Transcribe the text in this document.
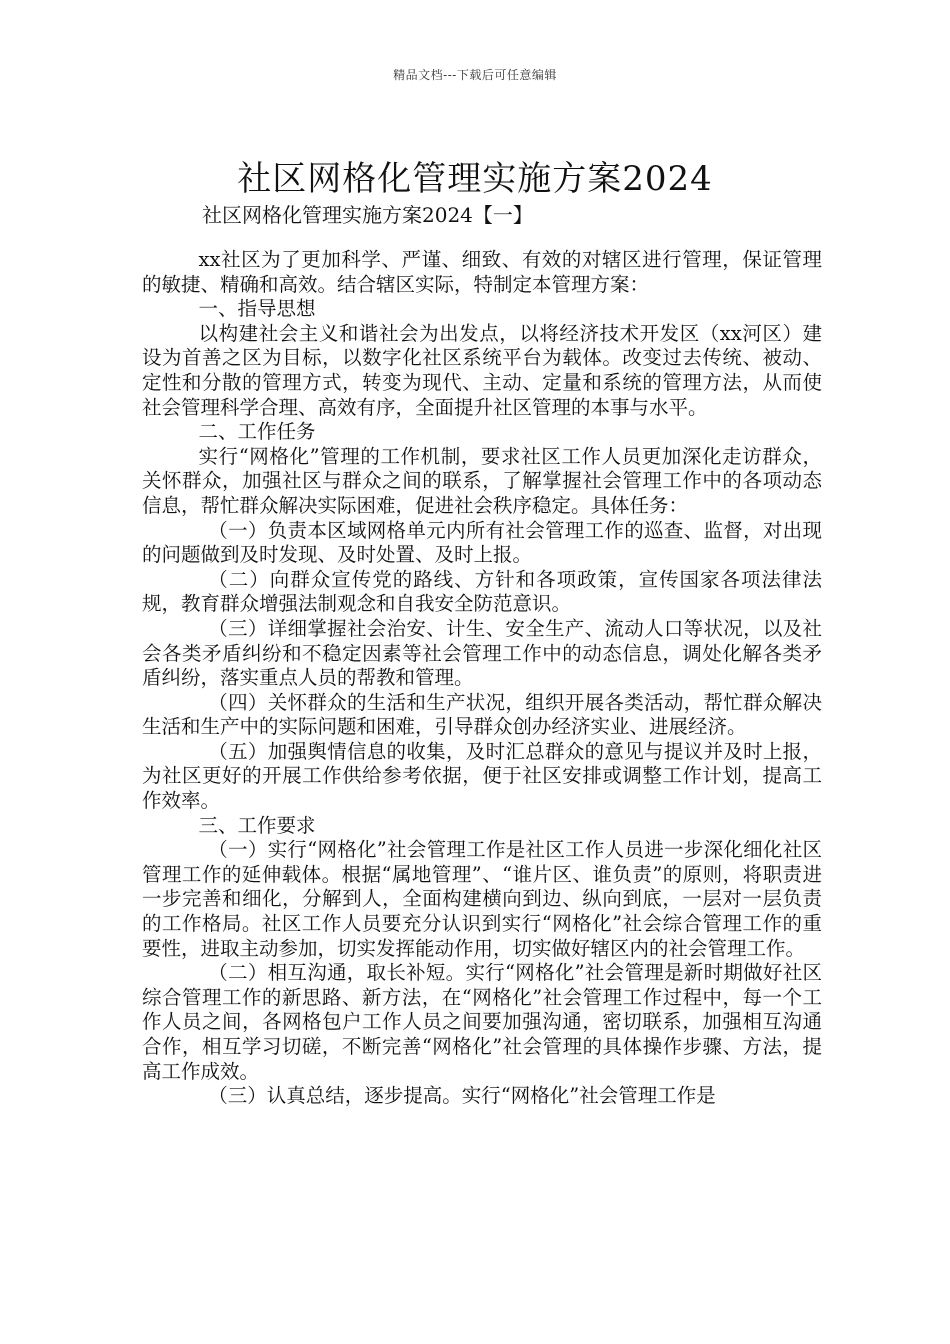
精品文档---下载后可任意编辑
社区网格化管理实施方案2024
社区网格化管理实施方案2024【一】

xx社区为了更加科学、严谨、细致、有效的对辖区进行管理，保证管理的敏捷、精确和高效。结合辖区实际，特制定本管理方案：

一、指导思想

以构建社会主义和谐社会为出发点，以将经济技术开发区（xx河区）建设为首善之区为目标，以数字化社区系统平台为载体。改变过去传统、被动、定性和分散的管理方式，转变为现代、主动、定量和系统的管理方法，从而使社会管理科学合理、高效有序，全面提升社区管理的本事与水平。

二、工作任务

实行“网格化”管理的工作机制，要求社区工作人员更加深化走访群众，关怀群众，加强社区与群众之间的联系，了解掌握社会管理工作中的各项动态信息，帮忙群众解决实际困难，促进社会秩序稳定。具体任务：

（一）负责本区域网格单元内所有社会管理工作的巡查、监督，对出现的问题做到及时发现、及时处置、及时上报。

（二）向群众宣传党的路线、方针和各项政策，宣传国家各项法律法规，教育群众增强法制观念和自我安全防范意识。

（三）详细掌握社会治安、计生、安全生产、流动人口等状况，以及社会各类矛盾纠纷和不稳定因素等社会管理工作中的动态信息，调处化解各类矛盾纠纷，落实重点人员的帮教和管理。

（四）关怀群众的生活和生产状况，组织开展各类活动，帮忙群众解决生活和生产中的实际问题和困难，引导群众创办经济实业、进展经济。

（五）加强舆情信息的收集，及时汇总群众的意见与提议并及时上报，为社区更好的开展工作供给参考依据，便于社区安排或调整工作计划，提高工作效率。

三、工作要求

（一）实行“网格化”社会管理工作是社区工作人员进一步深化细化社区管理工作的延伸载体。根据“属地管理”、“谁片区、谁负责”的原则，将职责进一步完善和细化，分解到人，全面构建横向到边、纵向到底，一层对一层负责的工作格局。社区工作人员要充分认识到实行“网格化”社会综合管理工作的重要性，进取主动参加，切实发挥能动作用，切实做好辖区内的社会管理工作。

（二）相互沟通，取长补短。实行“网格化”社会管理是新时期做好社区综合管理工作的新思路、新方法，在“网格化”社会管理工作过程中，每一个工作人员之间，各网格包户工作人员之间要加强沟通，密切联系，加强相互沟通合作，相互学习切磋，不断完善“网格化”社会管理的具体操作步骤、方法，提高工作成效。

（三）认真总结，逐步提高。实行“网格化”社会管理工作是
